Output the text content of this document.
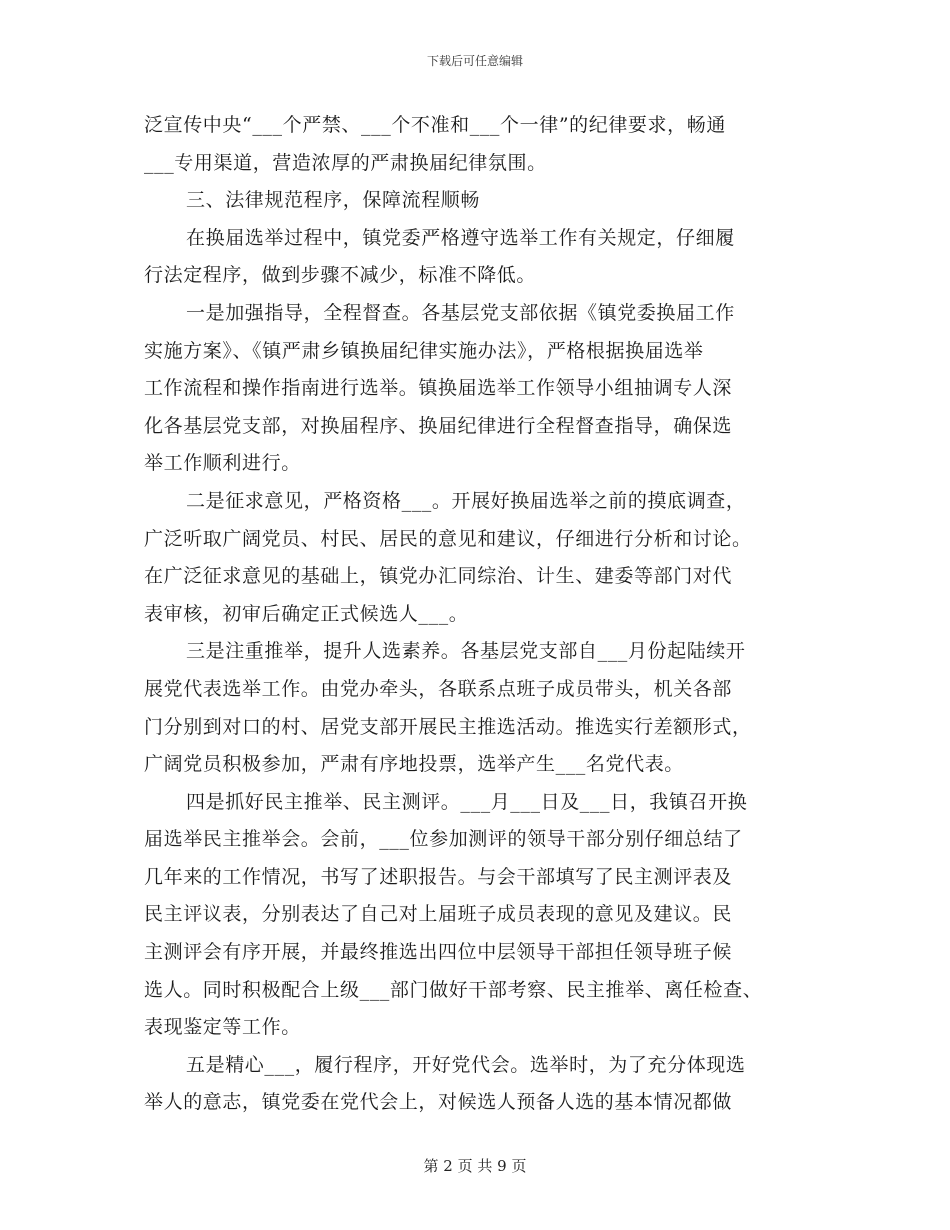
下载后可任意编辑
泛宣传中央“___个严禁、___个不准和___个一律”的纪律要求，畅通
___专用渠道，营造浓厚的严肃换届纪律氛围。
三、法律规范程序，保障流程顺畅
在换届选举过程中，镇党委严格遵守选举工作有关规定，仔细履
行法定程序，做到步骤不减少，标准不降低。
一是加强指导，全程督查。各基层党支部依据《镇党委换届工作
实施方案》、《镇严肃乡镇换届纪律实施办法》，严格根据换届选举
工作流程和操作指南进行选举。镇换届选举工作领导小组抽调专人深
化各基层党支部，对换届程序、换届纪律进行全程督查指导，确保选
举工作顺利进行。
二是征求意见，严格资格___。开展好换届选举之前的摸底调查，
广泛听取广阔党员、村民、居民的意见和建议，仔细进行分析和讨论。
在广泛征求意见的基础上，镇党办汇同综治、计生、建委等部门对代
表审核，初审后确定正式候选人___。
三是注重推举，提升人选素养。各基层党支部自___月份起陆续开
展党代表选举工作。由党办牵头，各联系点班子成员带头，机关各部
门分别到对口的村、居党支部开展民主推选活动。推选实行差额形式，
广阔党员积极参加，严肃有序地投票，选举产生___名党代表。
四是抓好民主推举、民主测评。___月___日及___日，我镇召开换
届选举民主推举会。会前，___位参加测评的领导干部分别仔细总结了
几年来的工作情况，书写了述职报告。与会干部填写了民主测评表及
民主评议表，分别表达了自己对上届班子成员表现的意见及建议。民
主测评会有序开展，并最终推选出四位中层领导干部担任领导班子候
选人。同时积极配合上级___部门做好干部考察、民主推举、离任检查、
表现鉴定等工作。
五是精心___，履行程序，开好党代会。选举时，为了充分体现选
举人的意志，镇党委在党代会上，对候选人预备人选的基本情况都做
第 2 页 共 9 页
